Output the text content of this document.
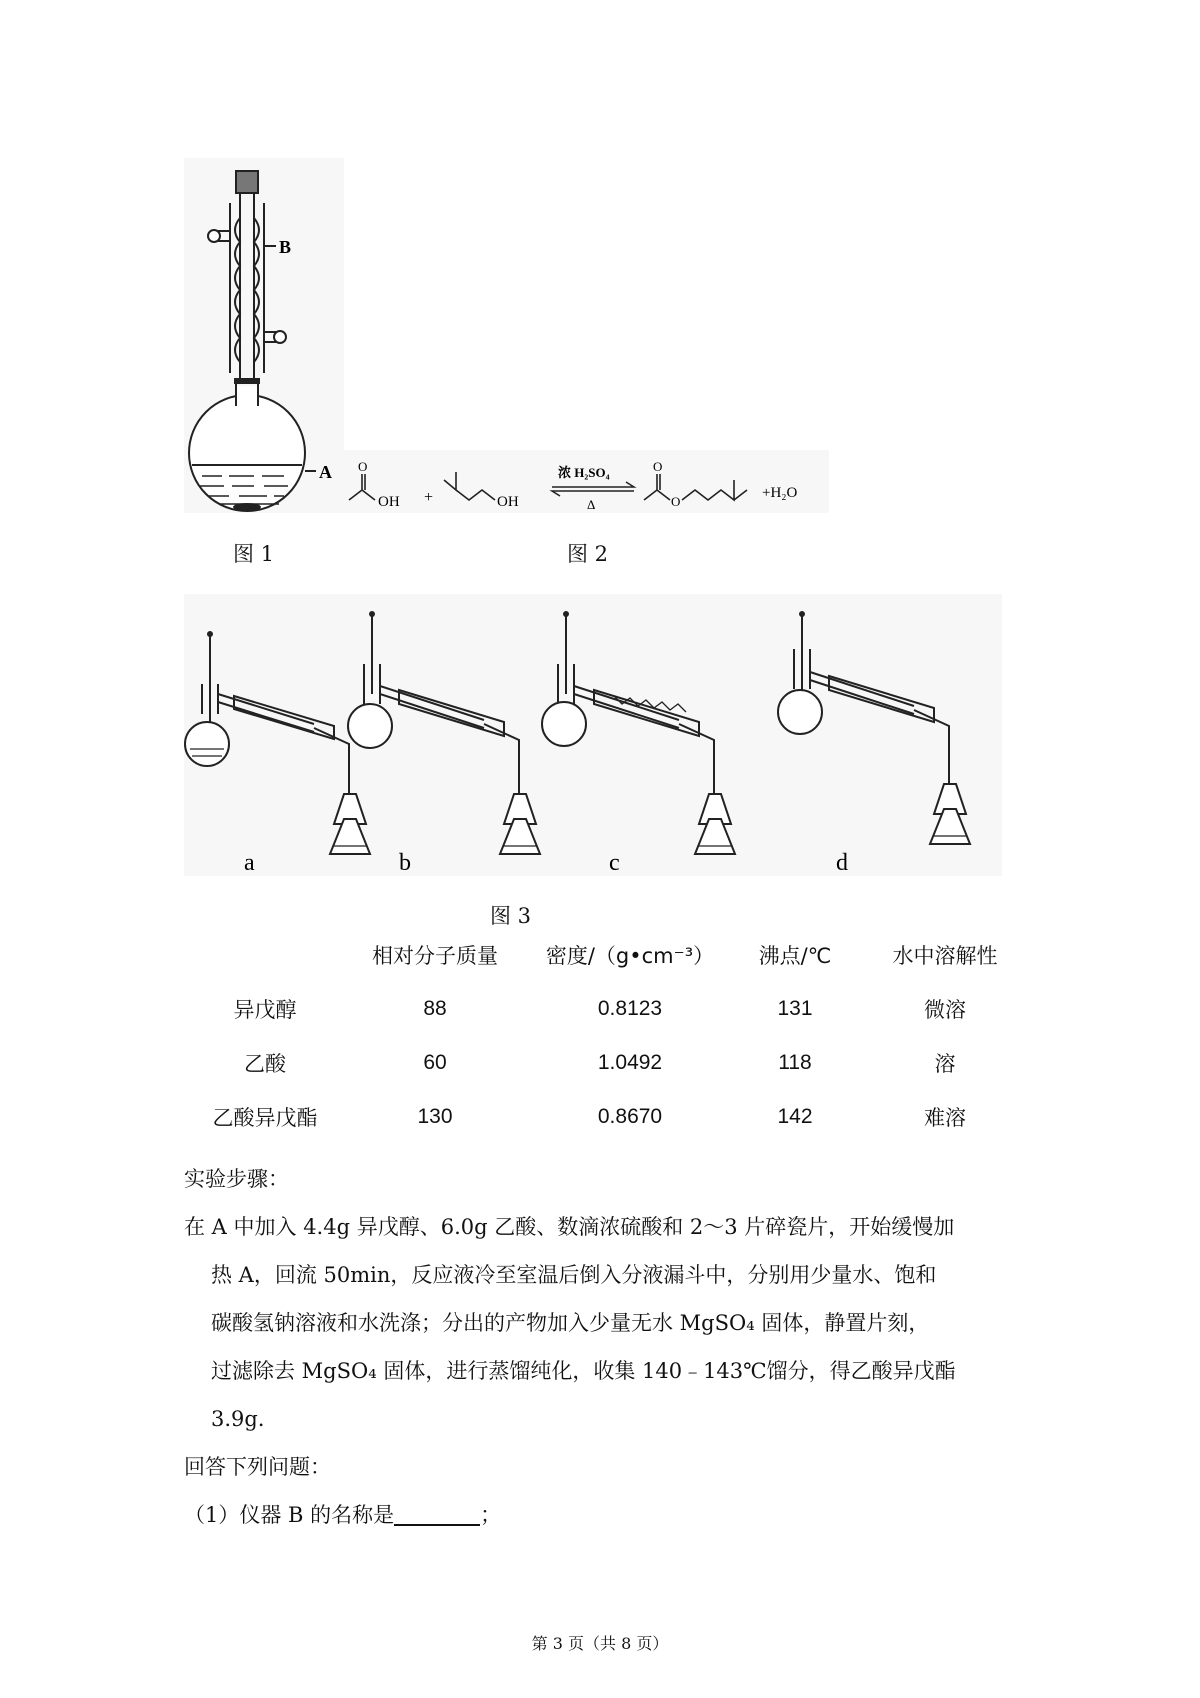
B
A
图 1
O
OH +	OH
浓 H₂SO₄
Δ
O
O
+H₂O
图 2
a	b	c	d
图 3
	相对分子质量	密度/（g•cm⁻³）	沸点/℃	水中溶解性
异戊醇	88	0.8123	131	微溶
乙酸	60	1.0492	118	溶
乙酸异戊酯	130	0.8670	142	难溶
实验步骤：
在 A 中加入 4.4g 异戊醇、6.0g 乙酸、数滴浓硫酸和 2～3 片碎瓷片，开始缓慢加
热 A，回流 50min，反应液冷至室温后倒入分液漏斗中，分别用少量水、饱和
碳酸氢钠溶液和水洗涤；分出的产物加入少量无水 MgSO₄ 固体，静置片刻，
过滤除去 MgSO₄ 固体，进行蒸馏纯化，收集 140﹣143℃馏分，得乙酸异戊酯
3.9g．
回答下列问题：
（1）仪器 B 的名称是	；
第 3 页（共 8 页）
